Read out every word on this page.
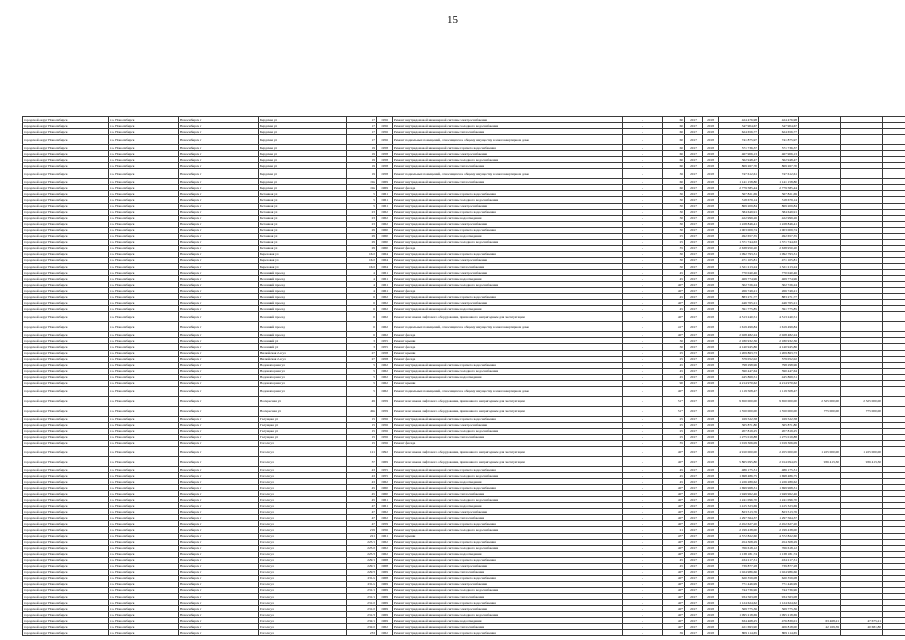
15
городской округ Новосибирск	г.о. Новосибирск	Новосибирск г	Бердская ул	17	1956	Ремонт внутридомовой инженерной системы электроснабжения	-	60	2017	2018	424 476,98	424 476,98			
городской округ Новосибирск	г.о. Новосибирск	Новосибирск г	Бердская ул	17	1956	Ремонт внутридомовой инженерной системы холодного водоснабжения	-	60	2017	2018	347 904,67	347 904,67			
городской округ Новосибирск	г.о. Новосибирск	Новосибирск г	Бердская ул	17	1956	Ремонт внутридомовой инженерной системы теплоснабжения	-	60	2017	2018	624 656,77	624 656,77			
городской округ Новосибирск	г.о. Новосибирск	Новосибирск г	Бердская ул	17	1956	Ремонт подвальных помещений, относящихся к общему имуществу в многоквартирном доме	-	60	2017	2018	741 875,97	741 875,97			
городской округ Новосибирск	г.о. Новосибирск	Новосибирск г	Бердская ул	19	1958	Ремонт внутридомовой инженерной системы горячего водоснабжения	-	60	2017	2018	571 736,37	571 736,37			
городской округ Новосибирск	г.о. Новосибирск	Новосибирск г	Бердская ул	19	1958	Ремонт внутридомовой инженерной системы электроснабжения	-	60	2017	2018	467 906,13	467 906,13			
городской округ Новосибирск	г.о. Новосибирск	Новосибирск г	Бердская ул	19	1958	Ремонт внутридомовой инженерной системы холодного водоснабжения	-	60	2017	2018	362 948,47	362 948,47			
городской округ Новосибирск	г.о. Новосибирск	Новосибирск г	Бердская ул	19	1958	Ремонт внутридомовой инженерной системы теплоснабжения	-	60	2017	2018	869 267,70	869 267,70			
городской округ Новосибирск	г.о. Новосибирск	Новосибирск г	Бердская ул	19	1958	Ремонт подвальных помещений, относящихся к общему имуществу в многоквартирном доме	-	36	2017	2018	747 612,61	747 612,61			
городской округ Новосибирск	г.о. Новосибирск	Новосибирск г	Бердская ул	19а	1969	Ремонт внутридомовой инженерной системы теплоснабжения	-	60	2017	2018	1 141 158,80	1 141 158,80			
городской округ Новосибирск	г.о. Новосибирск	Новосибирск г	Бердская ул	19а	1969	Ремонт фасада	-	60	2017	2018	2 779 585,44	2 779 585,44			
городской округ Новосибирск	г.о. Новосибирск	Новосибирск г	Бетонная ул	5	1961	Ремонт внутридомовой инженерной системы горячего водоснабжения	-	30	2017	2018	567 821,69	567 821,69			
городской округ Новосибирск	г.о. Новосибирск	Новосибирск г	Бетонная ул	5	1961	Ремонт внутридомовой инженерной системы холодного водоснабжения	-	30	2017	2018	318 679,14	318 679,14			
городской округ Новосибирск	г.о. Новосибирск	Новосибирск г	Бетонная ул	5	1961	Ремонт внутридомовой инженерной системы электроснабжения	-	30	2017	2018	869 209,84	869 209,84			
городской округ Новосибирск	г.о. Новосибирск	Новосибирск г	Бетонная ул	23	1962	Ремонт внутридомовой инженерной системы горячего водоснабжения	-	30	2017	2018	384 649,91	384 649,91			
городской округ Новосибирск	г.о. Новосибирск	Новосибирск г	Бетонная ул	23	1962	Ремонт внутридомовой инженерной системы водоотведения	-	30	2017	2018	422 999,26	422 999,26			
городской округ Новосибирск	г.о. Новосибирск	Новосибирск г	Бетонная ул	23	1962	Ремонт внутридомовой инженерной системы электроснабжения	-	30	2017	2018	1 228 846,41	1 228 846,41			
городской округ Новосибирск	г.о. Новосибирск	Новосибирск г	Бетонная ул	29	1960	Ремонт внутридомовой инженерной системы горячего водоснабжения	-	30	2017	2018	1 003 009,74	1 003 009,74			
городской округ Новосибирск	г.о. Новосибирск	Новосибирск г	Бетонная ул	29	1960	Ремонт внутридомовой инженерной системы водоотведения	-	25	2017	2018	492 657,35	492 657,35			
городской округ Новосибирск	г.о. Новосибирск	Новосибирск г	Бетонная ул	29	1960	Ремонт внутридомовой инженерной системы холодного водоснабжения	-	25	2017	2018	1 371 744,63	1 371 744,63			
городской округ Новосибирск	г.о. Новосибирск	Новосибирск г	Бетонная ул	29	1960	Ремонт фасада	-	35	2017	2018	2 638 950,20	2 638 950,20			
городской округ Новосибирск	г.о. Новосибирск	Новосибирск г	Березовая ул	16/2	1964	Ремонт внутридомовой инженерной системы горячего водоснабжения	-	30	2017	2018	1 092 793,31	1 092 793,31			
городской округ Новосибирск	г.о. Новосибирск	Новосибирск г	Березовая ул	16/2	1964	Ремонт внутридомовой инженерной системы электроснабжения	-	30	2017	2018	471 105,81	471 105,81			
городской округ Новосибирск	г.о. Новосибирск	Новосибирск г	Березовая ул	16/2	1964	Ремонт внутридомовой инженерной системы теплоснабжения	-	30	2017	2018	1 321 213,24	1 321 213,24			
городской округ Новосибирск	г.о. Новосибирск	Новосибирск г	Весенний проезд	4	1961	Ремонт внутридомовой инженерной системы электроснабжения	-	45	2017	2018	770 040,46	770 040,46			
городской округ Новосибирск	г.о. Новосибирск	Новосибирск г	Весенний проезд	4	1961	Ремонт внутридомовой инженерной системы водоотведения	-	45	2017	2018	469 774,96	469 774,96			
городской округ Новосибирск	г.о. Новосибирск	Новосибирск г	Весенний проезд	4	1961	Ремонт внутридомовой инженерной системы холодного водоснабжения	-	40*	2017	2018	302 726,24	302 726,24			
городской округ Новосибирск	г.о. Новосибирск	Новосибирск г	Весенний проезд	4	1961	Ремонт фасада	-	40*	2017	2018	266 749,21	266 749,21			
городской округ Новосибирск	г.о. Новосибирск	Новосибирск г	Весенний проезд	6	1962	Ремонт внутридомовой инженерной системы горячего водоснабжения	-	45	2017	2018	883 271,77	883 271,77			
городской округ Новосибирск	г.о. Новосибирск	Новосибирск г	Весенний проезд	6	1962	Ремонт внутридомовой инженерной системы электроснабжения	-	40*	2017	2018	446 765,21	446 765,21			
городской округ Новосибирск	г.о. Новосибирск	Новосибирск г	Весенний проезд	6	1962	Ремонт внутридомовой инженерной системы водоотведения	-	45	2017	2018	391 775,85	391 775,85			
городской округ Новосибирск	г.о. Новосибирск	Новосибирск г	Весенний проезд	6	1962	Ремонт или замена лифтового оборудования, признанного непригодным для эксплуатации	-	40*	2017	2018	4 513 240,51	4 513 240,51			
городской округ Новосибирск	г.о. Новосибирск	Новосибирск г	Весенний проезд	6	1962	Ремонт подвальных помещений, относящихся к общему имуществу в многоквартирном доме	-	41*	2017	2018	1 619 499,84	1 619 499,84			
городской округ Новосибирск	г.о. Новосибирск	Новосибирск г	Весенний проезд	6	1962	Ремонт фасада	-	40*	2017	2018	2 028 482,24	2 028 482,24			
городской округ Новосибирск	г.о. Новосибирск	Новосибирск г	Весенний ул	3	1955	Ремонт крыши	-	30	2017	2018	2 180 932,36	2 180 932,36			
городской округ Новосибирск	г.о. Новосибирск	Новосибирск г	Весенний ул	3	1955	Ремонт фасада	-	30	2017	2018	4 140 945,86	4 140 945,86			
городской округ Новосибирск	г.о. Новосибирск	Новосибирск г	Вилюйская 2-я ул	27	1958	Ремонт крыши	-	25	2017	2018	1 209 863,73	1 209 863,73			
городской округ Новосибирск	г.о. Новосибирск	Новосибирск г	Вилюйская 2-я ул	27	1958	Ремонт фасада	-	25	2017	2018	579 052,02	579 052,02			
городской округ Новосибирск	г.о. Новосибирск	Новосибирск г	Водонапорная ул	5	1962	Ремонт внутридомовой инженерной системы горячего водоснабжения	-	45	2017	2018	798 298,96	798 298,96			
городской округ Новосибирск	г.о. Новосибирск	Новосибирск г	Водонапорная ул	5	1962	Ремонт внутридомовой инженерной системы холодного водоснабжения	-	45	2017	2018	590 447,64	590 447,64			
городской округ Новосибирск	г.о. Новосибирск	Новосибирск г	Водонапорная ул	5	1962	Ремонт внутридомовой инженерной системы водоотведения	-	45	2017	2018	445 869,51	445 869,51			
городской округ Новосибирск	г.о. Новосибирск	Новосибирск г	Водонапорная ул	5	1962	Ремонт крыши	-	90	2017	2018	4 214 970,62	4 214 970,62			
городской округ Новосибирск	г.о. Новосибирск	Новосибирск г	Водонапорная ул	5	1962	Ремонт подвальных помещений, относящихся к общему имуществу в многоквартирном доме	-	40*	2017	2018	1 119 508,47	1 119 508,47			
городской округ Новосибирск	г.о. Новосибирск	Новосибирск г	Воскресная ул	49	1959	Ремонт или замена лифтового оборудования, признанного непригодным для эксплуатации	-	51*	2017	2018	9 650 000,00	9 650 000,00	2 325 000,00	2 325 000,00	
городской округ Новосибирск	г.о. Новосибирск	Новосибирск г	Воскресная ул	49а	1959	Ремонт или замена лифтового оборудования, признанного непригодным для эксплуатации	-	51*	2017	2018	1 550 000,00	1 550 000,00	775 000,00	775 000,00	
городской округ Новосибирск	г.о. Новосибирск	Новосибирск г	Галущака ул	15	1956	Ремонт внутридомовой инженерной системы горячего водоснабжения	-	25	2017	2018	169 522,58	169 522,58			
городской округ Новосибирск	г.о. Новосибирск	Новосибирск г	Галущака ул	15	1956	Ремонт внутридомовой инженерной системы электроснабжения	-	25	2017	2018	365 871,80	365 871,80			
городской округ Новосибирск	г.о. Новосибирск	Новосибирск г	Галущака ул	15	1956	Ремонт внутридомовой инженерной системы холодного водоснабжения	-	25	2017	2018	207 819,25	207 819,25			
городской округ Новосибирск	г.о. Новосибирск	Новосибирск г	Галущака ул	15	1956	Ремонт внутридомовой инженерной системы теплоснабжения	-	25	2017	2018	1 275 019,88	1 275 019,88			
городской округ Новосибирск	г.о. Новосибирск	Новосибирск г	Гоголя ул	15	1956	Ремонт фасада	-	35	2017	2018	1 019 306,09	1 019 306,09			
городской округ Новосибирск	г.о. Новосибирск	Новосибирск г	Гоголя ул	121	1992	Ремонт или замена лифтового оборудования, признанного непригодным для эксплуатации	-	40*	2017	2018	4 910 000,00	2 455 000,00	1 225 000,00	1 225 000,00	
городской округ Новосибирск	г.о. Новосибирск	Новосибирск г	Гоголя ул	37	1969	Ремонт или замена лифтового оборудования, признанного непригодным для эксплуатации	-	40*	2017	2018	5 865 095,80	2 014 094,05	936 413,30	936 413,30	
городской округ Новосибирск	г.о. Новосибирск	Новосибирск г	Гоголя ул	43	1955	Ремонт внутридомовой инженерной системы горячего водоснабжения	-	45	2017	2018	486 175,31	486 175,31			
городской округ Новосибирск	г.о. Новосибирск	Новосибирск г	Гоголя ул	43	1955	Ремонт внутридомовой инженерной системы холодного водоснабжения	-	45	2017	2018	1 698 486,75	1 698 486,75			
городской округ Новосибирск	г.о. Новосибирск	Новосибирск г	Гоголя ул	43	1962	Ремонт внутридомовой инженерной системы водоотведения	-	45	2017	2018	1 226 289,62	1 226 289,62			
городской округ Новосибирск	г.о. Новосибирск	Новосибирск г	Гоголя ул	45	1960	Ремонт внутридомовой инженерной системы горячего водоснабжения	-	40*	2017	2018	1 699 968,31	1 699 968,31			
городской округ Новосибирск	г.о. Новосибирск	Новосибирск г	Гоголя ул	45	1960	Ремонт внутридомовой инженерной системы теплоснабжения	-	40*	2017	2018	1 949 962,46	1 949 962,46			
городской округ Новосибирск	г.о. Новосибирск	Новосибирск г	Гоголя ул	45	1961	Ремонт внутридомовой инженерной системы холодного водоснабжения	-	40*	2017	2018	1 241 096,70	1 241 096,70			
городской округ Новосибирск	г.о. Новосибирск	Новосибирск г	Гоголя ул	47	1961	Ремонт внутридомовой инженерной системы водоотведения	-	40*	2017	2018	1 415 323,69	1 415 323,69			
городской округ Новосибирск	г.о. Новосибирск	Новосибирск г	Гоголя ул	47	1962	Ремонт внутридомовой инженерной системы электроснабжения	-	40*	2017	2018	823 513,76	823 513,76			
городской округ Новосибирск	г.о. Новосибирск	Новосибирск г	Гоголя ул	47	1962	Ремонт внутридомовой инженерной системы теплоснабжения	-	40*	2017	2018	1 297 564,37	1 297 564,37			
городской округ Новосибирск	г.о. Новосибирск	Новосибирск г	Гоголя ул	47	1959	Ремонт внутридомовой инженерной системы горячего водоснабжения	-	40*	2017	2018	2 452 627,20	2 452 627,20			
городской округ Новосибирск	г.о. Новосибирск	Новосибирск г	Гоголя ул	219	1956	Ремонт внутридомовой инженерной системы холодного водоснабжения	-	21	2017	2018	2 199 438,00	2 199 438,00			
городской округ Новосибирск	г.о. Новосибирск	Новосибирск г	Гоголя ул	221	1961	Ремонт крыши	-	45*	2017	2018	4 572 822,60	4 572 822,60			
городской округ Новосибирск	г.о. Новосибирск	Новосибирск г	Гоголя ул	225/1	1962	Ремонт внутридомовой инженерной системы горячего водоснабжения	-	40*	2017	2018	454 308,29	454 308,29			
городской округ Новосибирск	г.о. Новосибирск	Новосибирск г	Гоголя ул	225/2	1962	Ремонт внутридомовой инженерной системы холодного водоснабжения	-	40*	2017	2018	766 618,12	766 618,12			
городской округ Новосибирск	г.о. Новосибирск	Новосибирск г	Гоголя ул	225/3	1962	Ремонт внутридомовой инженерной системы водоотведения	-	40*	2017	2018	1 138 181,74	1 138 181,74			
городской округ Новосибирск	г.о. Новосибирск	Новосибирск г	Гоголя ул	229/1	1968	Ремонт внутридомовой инженерной системы горячего водоснабжения	-	45	2017	2018	434 217,31	434 217,31			
городской округ Новосибирск	г.о. Новосибирск	Новосибирск г	Гоголя ул	229/1	1968	Ремонт внутридомовой инженерной системы электроснабжения	-	45	2017	2018	739 877,28	739 877,28			
городской округ Новосибирск	г.о. Новосибирск	Новосибирск г	Гоголя ул	229/3	1969	Ремонт внутридомовой инженерной системы теплоснабжения	-	40*	2017	2018	1 024 986,66	1 024 986,66			
городской округ Новосибирск	г.о. Новосибирск	Новосибирск г	Гоголя ул	231/a	1968	Ремонт внутридомовой инженерной системы горячего водоснабжения	-	40*	2017	2018	620 359,08	620 359,08			
городской округ Новосибирск	г.о. Новосибирск	Новосибирск г	Гоголя ул	231/a	1969	Ремонт внутридомовой инженерной системы электроснабжения	-	40*	2017	2018	771 446,99	771 446,99			
городской округ Новосибирск	г.о. Новосибирск	Новосибирск г	Гоголя ул	231/1	1969	Ремонт внутридомовой инженерной системы холодного водоснабжения	-	40*	2017	2018	744 736,96	744 736,96			
городской округ Новосибирск	г.о. Новосибирск	Новосибирск г	Гоголя ул	231/1	1969	Ремонт внутридомовой инженерной системы теплоснабжения	-	40*	2017	2018	934 563,08	934 563,08			
городской округ Новосибирск	г.о. Новосибирск	Новосибирск г	Гоголя ул	231/2	1969	Ремонт внутридомовой инженерной системы горячего водоснабжения	-	40*	2017	2018	1 124 624,62	1 124 624,62			
городской округ Новосибирск	г.о. Новосибирск	Новосибирск г	Гоголя ул	231/2	1969	Ремонт внутридомовой инженерной системы электроснабжения	-	40*	2017	2018	569 775,36	569 775,36			
городской округ Новосибирск	г.о. Новосибирск	Новосибирск г	Гоголя ул	231/3	1969	Ремонт внутридомовой инженерной системы холодного водоснабжения	-	40*	2017	2018	1 095 218,69	1 095 218,69			
городской округ Новосибирск	г.о. Новосибирск	Новосибирск г	Гоголя ул	232/1	1969	Ремонт внутридомовой инженерной системы водоотведения	-	40*	2017	2018	634 468,25	476 839,01	63 468,21	47 675,21	
городской округ Новосибирск	г.о. Новосибирск	Новосибирск г	Гоголя ул	232/2	1962	Ремонт внутридомовой инженерной системы теплоснабжения	-	40*	2017	2018	421 693,90	406 818,00	42 169,39	40 681,80	
городской округ Новосибирск	г.о. Новосибирск	Новосибирск г	Гоголя ул	233	1962	Ремонт внутридомовой инженерной системы горячего водоснабжения	-	39	2017	2018	809 114,65	809 114,65			
